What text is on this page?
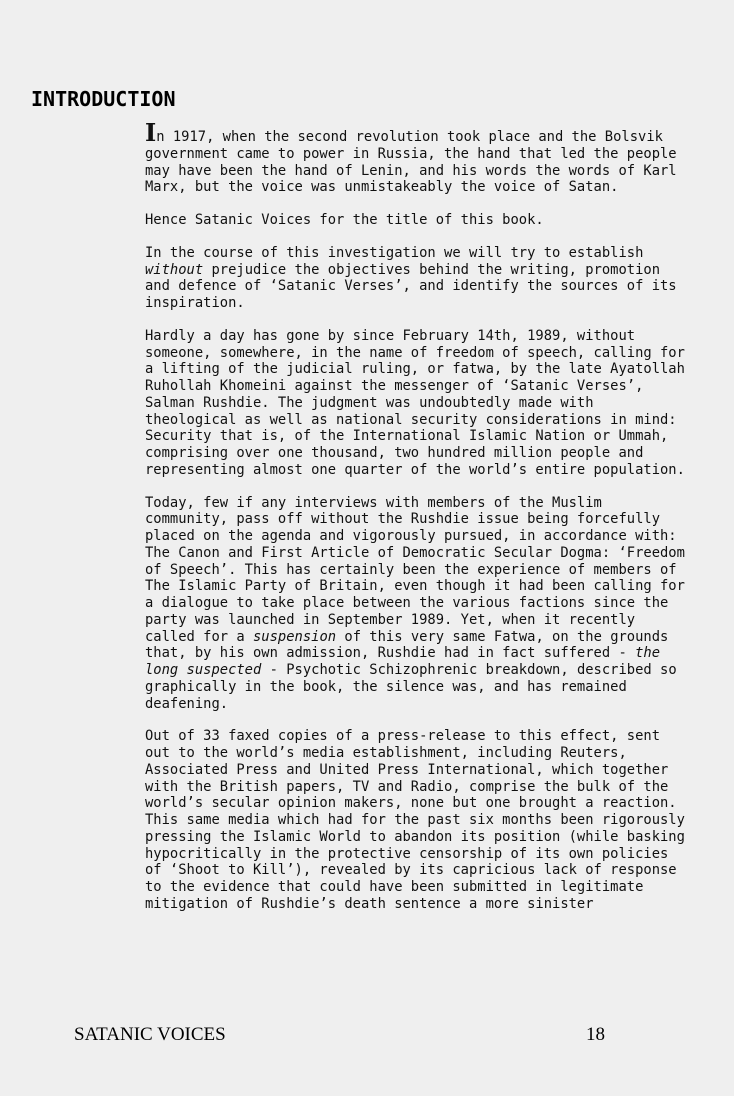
INTRODUCTION

In 1917, when the second revolution took place and the Bolsvik government came to power in Russia, the hand that led the people may have been the hand of Lenin, and his words the words of Karl Marx, but the voice was unmistakeably the voice of Satan.

Hence Satanic Voices for the title of this book.

In the course of this investigation we will try to establish
without prejudice the objectives behind the writing, promotion and defence of ‘Satanic Verses’, and identify the sources of its inspiration.

Hardly a day has gone by since February 14th, 1989, without someone, somewhere, in the name of freedom of speech, calling for a lifting of the judicial ruling, or fatwa, by the late Ayatollah Ruhollah Khomeini against the messenger of ‘Satanic Verses’, Salman Rushdie. The judgment was undoubtedly made with theological as well as national security considerations in mind: Security that is, of the International Islamic Nation or Ummah, comprising over one thousand, two hundred million people and representing almost one quarter of the world’s entire population.

Today, few if any interviews with members of the Muslim community, pass off without the Rushdie issue being forcefully placed on the agenda and vigorously pursued, in accordance with: The Canon and First Article of Democratic Secular Dogma: ‘Freedom of Speech’. This has certainly been the experience of members of The Islamic Party of Britain, even though it had been calling for a dialogue to take place between the various factions since the party was launched in September 1989. Yet, when it recently called for a suspension of this very same Fatwa, on the grounds that, by his own admission, Rushdie had in fact suffered - the long suspected - Psychotic Schizophrenic breakdown, described so graphically in the book, the silence was, and has remained deafening.

Out of 33 faxed copies of a press-release to this effect, sent out to the world’s media establishment, including Reuters, Associated Press and United Press International, which together with the British papers, TV and Radio, comprise the bulk of the world’s secular opinion makers, none but one brought a reaction. This same media which had for the past six months been rigorously pressing the Islamic World to abandon its position (while basking hypocritically in the protective censorship of its own policies of ‘Shoot to Kill’), revealed by its capricious lack of response to the evidence that could have been submitted in legitimate mitigation of Rushdie’s death sentence a more sinister

SATANIC VOICES	18
